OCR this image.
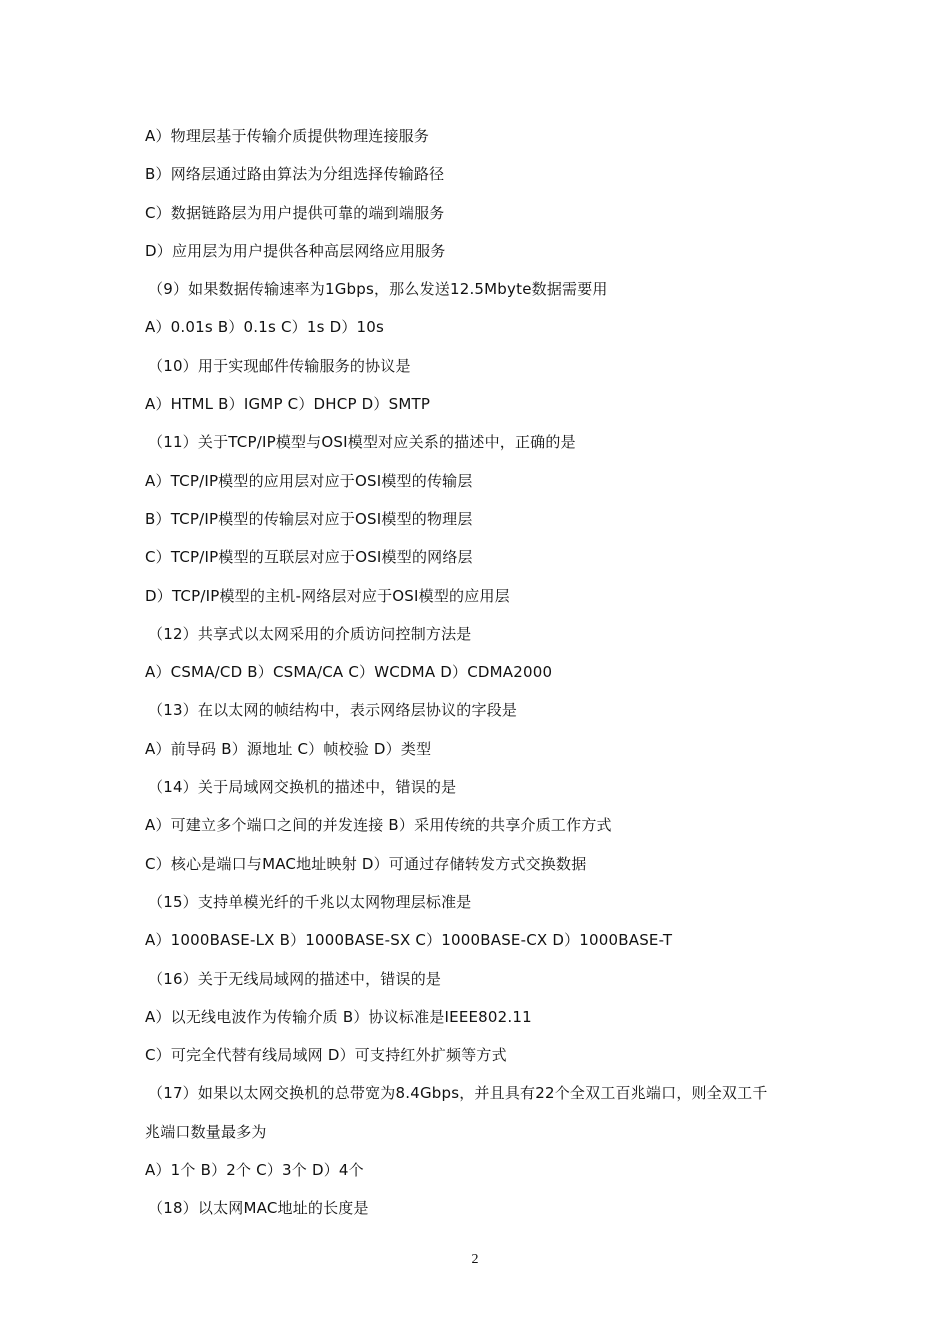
A）物理层基于传输介质提供物理连接服务
B）网络层通过路由算法为分组选择传输路径
C）数据链路层为用户提供可靠的端到端服务
D）应用层为用户提供各种高层网络应用服务
（9）如果数据传输速率为1Gbps，那么发送12.5Mbyte数据需要用
A）0.01s B）0.1s C）1s D）10s
（10）用于实现邮件传输服务的协议是
A）HTML B）IGMP C）DHCP D）SMTP
（11）关于TCP/IP模型与OSI模型对应关系的描述中，正确的是
A）TCP/IP模型的应用层对应于OSI模型的传输层
B）TCP/IP模型的传输层对应于OSI模型的物理层
C）TCP/IP模型的互联层对应于OSI模型的网络层
D）TCP/IP模型的主机-网络层对应于OSI模型的应用层
（12）共享式以太网采用的介质访问控制方法是
A）CSMA/CD B）CSMA/CA C）WCDMA D）CDMA2000
（13）在以太网的帧结构中，表示网络层协议的字段是
A）前导码 B）源地址 C）帧校验 D）类型
（14）关于局域网交换机的描述中，错误的是
A）可建立多个端口之间的并发连接 B）采用传统的共享介质工作方式
C）核心是端口与MAC地址映射 D）可通过存储转发方式交换数据
（15）支持单模光纤的千兆以太网物理层标准是
A）1000BASE-LX B）1000BASE-SX C）1000BASE-CX D）1000BASE-T
（16）关于无线局域网的描述中，错误的是
A）以无线电波作为传输介质 B）协议标准是IEEE802.11
C）可完全代替有线局域网 D）可支持红外扩频等方式
（17）如果以太网交换机的总带宽为8.4Gbps，并且具有22个全双工百兆端口，则全双工千
兆端口数量最多为
A）1个 B）2个 C）3个 D）4个
（18）以太网MAC地址的长度是
2
